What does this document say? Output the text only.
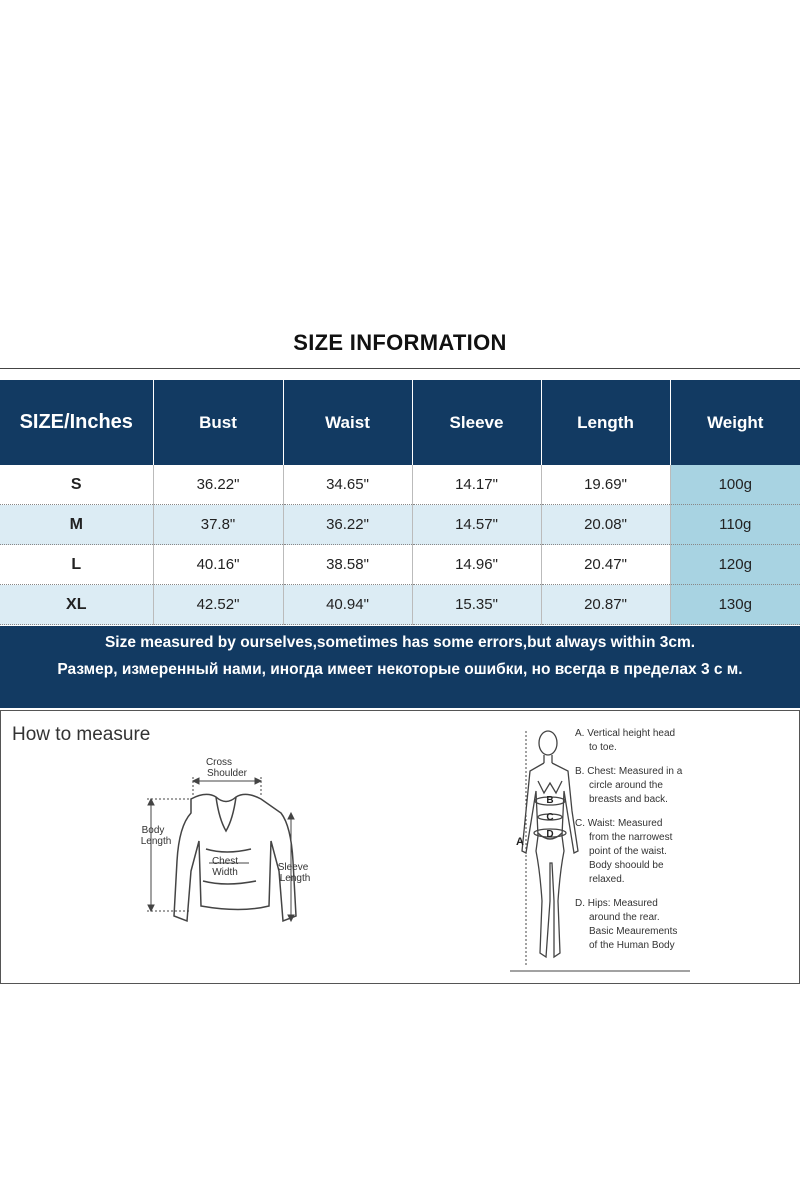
SIZE INFORMATION
SIZE/Inches	Bust	Waist	Sleeve	Length	Weight
S	36.22"	34.65"	14.17"	19.69"	100g
M	37.8"	36.22"	14.57"	20.08"	110g
L	40.16"	38.58"	14.96"	20.47"	120g
XL	42.52"	40.94"	15.35"	20.87"	130g
Size measured by ourselves,sometimes has some errors,but always within 3cm.
Размер, измеренный нами, иногда имеет некоторые ошибки, но всегда в пределах 3 с м.
How to measure
Cross
Shoulder
Body
Length
Chest
Width	Sleeve
Length
A
B
C
D
A. Vertical height head
to toe.
B. Chest: Measured in a
circle around the
breasts and back.
C. Waist: Measured
from the narrowest
point of the waist.
Body shoould be
relaxed.
D. Hips: Measured
around the rear.
Basic Meaurements
of the Human Body
